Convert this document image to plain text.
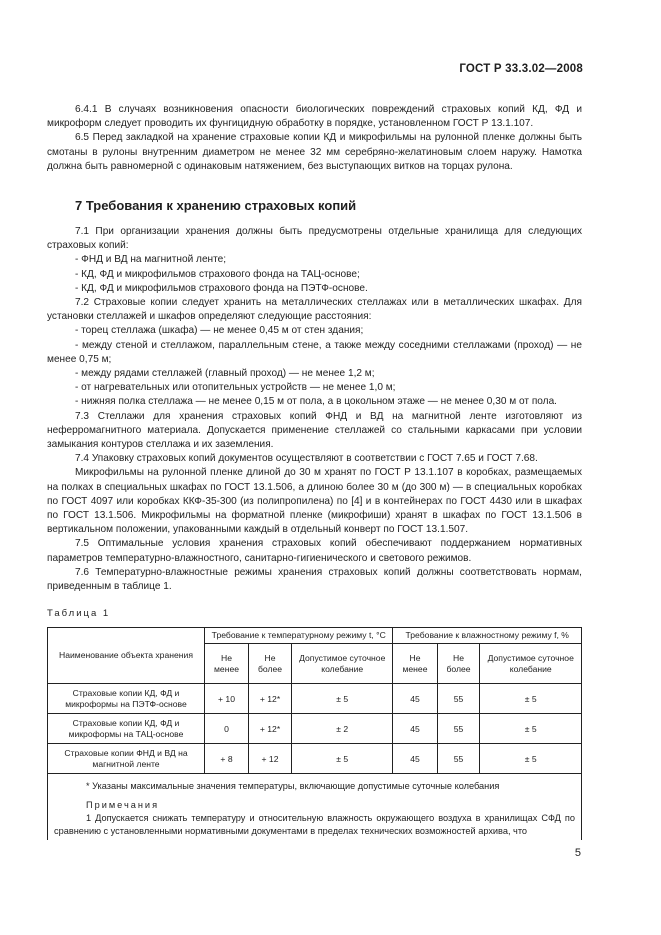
ГОСТ Р 33.3.02—2008

6.4.1 В случаях возникновения опасности биологических повреждений страховых копий КД, ФД и микроформ следует проводить их фунгицидную обработку в порядке, установленном ГОСТ Р 13.1.107.

6.5 Перед закладкой на хранение страховые копии КД и микрофильмы на рулонной пленке должны быть смотаны в рулоны внутренним диаметром не менее 32 мм серебряно-желатиновым слоем наружу. Намотка должна быть равномерной с одинаковым натяжением, без выступающих витков на торцах рулона.

7 Требования к хранению страховых копий

7.1 При организации хранения должны быть предусмотрены отдельные хранилища для следующих страховых копий:

- ФНД и ВД на магнитной ленте;

- КД, ФД и микрофильмов страхового фонда на ТАЦ-основе;

- КД, ФД и микрофильмов страхового фонда на ПЭТФ-основе.

7.2 Страховые копии следует хранить на металлических стеллажах или в металлических шкафах. Для установки стеллажей и шкафов определяют следующие расстояния:

- торец стеллажа (шкафа) — не менее 0,45 м от стен здания;

- между стеной и стеллажом, параллельным стене, а также между соседними стеллажами (проход) — не менее 0,75 м;

- между рядами стеллажей (главный проход) — не менее 1,2 м;

- от нагревательных или отопительных устройств — не менее 1,0 м;

- нижняя полка стеллажа — не менее 0,15 м от пола, а в цокольном этаже — не менее 0,30 м от пола.

7.3 Стеллажи для хранения страховых копий ФНД и ВД на магнитной ленте изготовляют из неферромагнитного материала. Допускается применение стеллажей со стальными каркасами при условии замыкания контуров стеллажа и их заземления.

7.4 Упаковку страховых копий документов осуществляют в соответствии с ГОСТ 7.65 и ГОСТ 7.68.

Микрофильмы на рулонной пленке длиной до 30 м хранят по ГОСТ Р 13.1.107 в коробках, размещаемых на полках в специальных шкафах по ГОСТ 13.1.506, а длиною более 30 м (до 300 м) — в специальных коробках по ГОСТ 4097 или коробках ККФ-35-300 (из полипропилена) по [4] и в контейнерах по ГОСТ 4430 или в шкафах по ГОСТ 13.1.506. Микрофильмы на форматной пленке (микрофиши) хранят в шкафах по ГОСТ 13.1.506 в вертикальном положении, упакованными каждый в отдельный конверт по ГОСТ 13.1.507.

7.5 Оптимальные условия хранения страховых копий обеспечивают поддержанием нормативных параметров температурно-влажностного, санитарно-гигиенического и светового режимов.

7.6 Температурно-влажностные режимы хранения страховых копий должны соответствовать нормам, приведенным в таблице 1.

Таблица 1
Наименование объекта хранения	Требование к температурному режиму t, °С			Требование к влажностному режиму f, %		
	Не менее	Не более	Допустимое суточное колебание	Не менее	Не более	Допустимое суточное колебание
Страховые копии КД, ФД и микроформы на ПЭТФ-основе	+ 10	+ 12*	± 5	45	55	± 5
Страховые копии КД, ФД и микроформы на ТАЦ-основе	0	+ 12*	± 2	45	55	± 5
Страховые копии ФНД и ВД на магнитной ленте	+ 8	+ 12	± 5	45	55	± 5

* Указаны максимальные значения температуры, включающие допустимые суточные колебания

Примечания

1 Допускается снижать температуру и относительную влажность окружающего воздуха в хранилищах СФД по сравнению с установленными нормативными документами в пределах технических возможностей архива, что						

5
